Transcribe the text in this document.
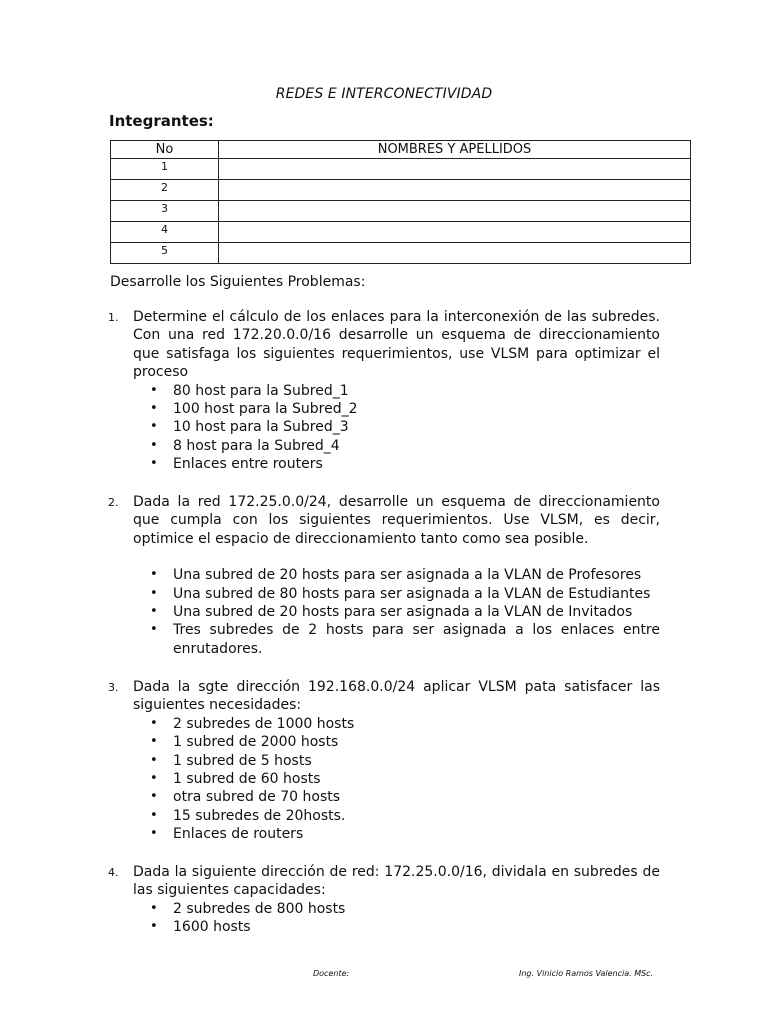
REDES E INTERCONECTIVIDAD
Integrantes:
No	NOMBRES Y APELLIDOS
1	
2	
3	
4	
5	
Desarrolle los Siguientes Problemas:
1. Determine el cálculo de los enlaces para la interconexión de las subredes. Con una red 172.20.0.0/16 desarrolle un esquema de direccionamiento que satisfaga los siguientes requerimientos, use VLSM para optimizar el proceso
• 80 host para la Subred_1
• 100 host para la Subred_2
• 10 host para la Subred_3
• 8 host para la Subred_4
• Enlaces entre routers
2. Dada la red 172.25.0.0/24, desarrolle un esquema de direccionamiento que cumpla con los siguientes requerimientos. Use VLSM, es decir, optimice el espacio de direccionamiento tanto como sea posible.
• Una subred de 20 hosts para ser asignada a la VLAN de Profesores
• Una subred de 80 hosts para ser asignada a la VLAN de Estudiantes
• Una subred de 20 hosts para ser asignada a la VLAN de Invitados
• Tres subredes de 2 hosts para ser asignada a los enlaces entre enrutadores.
3. Dada la sgte dirección 192.168.0.0/24 aplicar VLSM pata satisfacer las siguientes necesidades:
• 2 subredes de 1000 hosts
• 1 subred de 2000 hosts
• 1 subred de 5 hosts
• 1 subred de 60 hosts
• otra subred de 70 hosts
• 15 subredes de 20hosts.
• Enlaces de routers
4. Dada la siguiente dirección de red: 172.25.0.0/16, dividala en subredes de las siguientes capacidades:
• 2 subredes de 800 hosts
• 1600 hosts
Docente:	Ing. Vinicio Ramos Valencia. MSc.
